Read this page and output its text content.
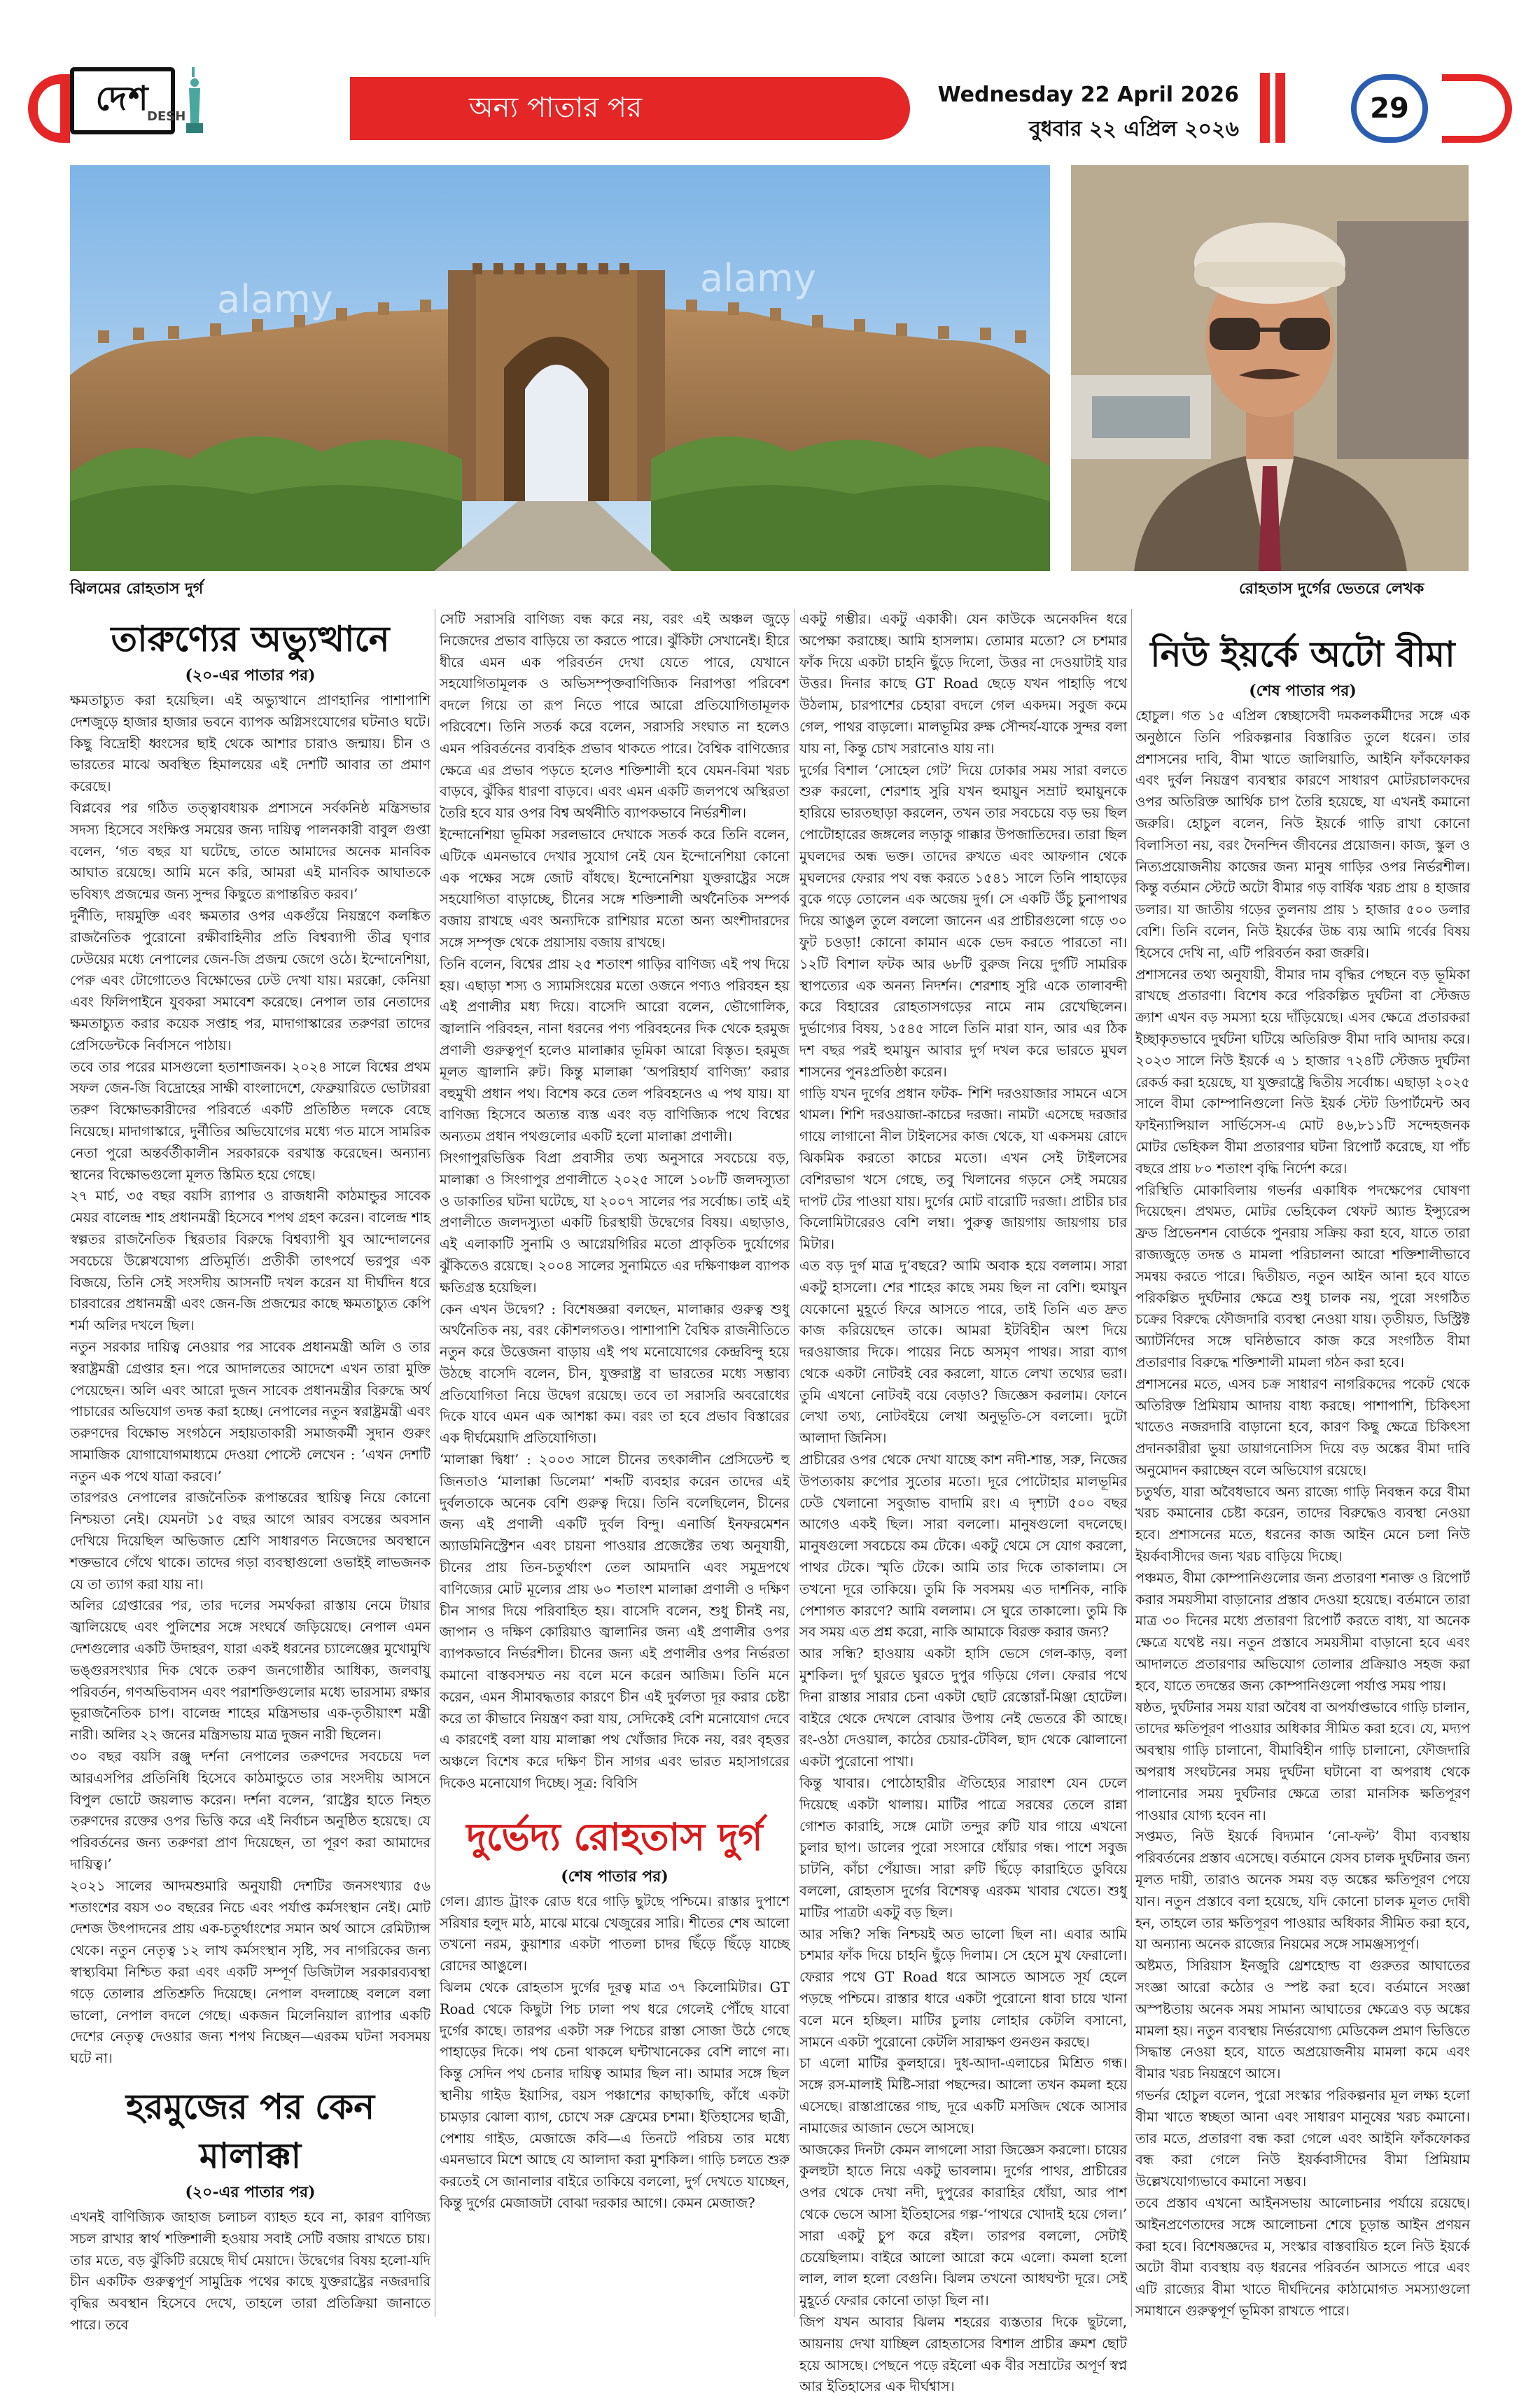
দেশ
DESH	অন্য পাতার পর	Wednesday 22 April 2026
বুধবার ২২ এপ্রিল ২০২৬
29
alamy	alamy
ঝিলমের রোহতাস দুর্গ	রোহতাস দুর্গের ভেতরে লেখক
তারুণ্যের অভ্যুত্থানে
(২০-এর পাতার পর)

ক্ষমতাচ্যুত করা হয়েছিল। এই অভ্যুত্থানে প্রাণহানির পাশাপাশি দেশজুড়ে হাজার হাজার ভবনে ব্যাপক অগ্নিসংযোগের ঘটনাও ঘটে। কিছু বিদ্রোহী ধ্বংসের ছাই থেকে আশার চারাও জন্মায়। চীন ও ভারতের মাঝে অবস্থিত হিমালয়ের এই দেশটি আবার তা প্রমাণ করেছে।

বিপ্লবের পর গঠিত তত্ত্বাবধায়ক প্রশাসনে সর্বকনিষ্ঠ মন্ত্রিসভার সদস্য হিসেবে সংক্ষিপ্ত সময়ের জন্য দায়িত্ব পালনকারী বাবুল গুপ্তা বলেন, ‘গত বছর যা ঘটেছে, তাতে আমাদের অনেক মানবিক আঘাত রয়েছে। আমি মনে করি, আমরা এই মানবিক আঘাতকে ভবিষ্যৎ প্রজন্মের জন্য সুন্দর কিছুতে রূপান্তরিত করব।’

দুর্নীতি, দায়মুক্তি এবং ক্ষমতার ওপর একগুঁয়ে নিয়ন্ত্রণে কলঙ্কিত রাজনৈতিক পুরোনো রক্ষীবাহিনীর প্রতি বিশ্বব্যাপী তীব্র ঘৃণার ঢেউয়ের মধ্যে নেপালের জেন-জি প্রজন্ম জেগে ওঠে। ইন্দোনেশিয়া, পেরু এবং টোগোতেও বিক্ষোভের ঢেউ দেখা যায়। মরক্কো, কেনিয়া এবং ফিলিপাইনে যুবকরা সমাবেশ করেছে। নেপাল তার নেতাদের ক্ষমতাচ্যুত করার কয়েক সপ্তাহ পর, মাদাগাস্কারের তরুণরা তাদের প্রেসিডেন্টকে নির্বাসনে পাঠায়।

তবে তার পরের মাসগুলো হতাশাজনক। ২০২৪ সালে বিশ্বের প্রথম সফল জেন-জি বিদ্রোহের সাক্ষী বাংলাদেশে, ফেব্রুয়ারিতে ভোটাররা তরুণ বিক্ষোভকারীদের পরিবর্তে একটি প্রতিষ্ঠিত দলকে বেছে নিয়েছে। মাদাগাস্কারে, দুর্নীতির অভিযোগের মধ্যে গত মাসে সামরিক নেতা পুরো অন্তর্বর্তীকালীন সরকারকে বরখাস্ত করেছেন। অন্যান্য স্থানের বিক্ষোভগুলো মূলত স্তিমিত হয়ে গেছে।

২৭ মার্চ, ৩৫ বছর বয়সি র‍্যাপার ও রাজধানী কাঠমান্ডুর সাবেক মেয়র বালেন্দ্র শাহ প্রধানমন্ত্রী হিসেবে শপথ গ্রহণ করেন। বালেন্দ্র শাহ স্বল্পতর রাজনৈতিক স্থিরতার বিরুদ্ধে বিশ্বব্যাপী যুব আন্দোলনের সবচেয়ে উল্লেখযোগ্য প্রতিমূর্তি। প্রতীকী তাৎপর্যে ভরপুর এক বিজয়ে, তিনি সেই সংসদীয় আসনটি দখল করেন যা দীর্ঘদিন ধরে চারবারের প্রধানমন্ত্রী এবং জেন-জি প্রজন্মের কাছে ক্ষমতাচ্যুত কেপি শর্মা অলির দখলে ছিল।

নতুন সরকার দায়িত্ব নেওয়ার পর সাবেক প্রধানমন্ত্রী অলি ও তার স্বরাষ্ট্রমন্ত্রী গ্রেপ্তার হন। পরে আদালতের আদেশে এখন তারা মুক্তি পেয়েছেন। অলি এবং আরো দুজন সাবেক প্রধানমন্ত্রীর বিরুদ্ধে অর্থ পাচারের অভিযোগ তদন্ত করা হচ্ছে। নেপালের নতুন স্বরাষ্ট্রমন্ত্রী এবং তরুণদের বিক্ষোভ সংগঠনে সহায়তাকারী সমাজকর্মী সুদান গুরুং সামাজিক যোগাযোগমাধ্যমে দেওয়া পোস্টে লেখেন : ‘এখন দেশটি নতুন এক পথে যাত্রা করবে।’

তারপরও নেপালের রাজনৈতিক রূপান্তরের স্থায়িত্ব নিয়ে কোনো নিশ্চয়তা নেই। যেমনটা ১৫ বছর আগে আরব বসন্তের অবসান দেখিয়ে দিয়েছিল অভিজাত শ্রেণি সাধারণত নিজেদের অবস্থানে শক্তভাবে গেঁথে থাকে। তাদের গড়া ব্যবস্থাগুলো ওভাইই লাভজনক যে তা ত্যাগ করা যায় না।

অলির গ্রেপ্তারের পর, তার দলের সমর্থকরা রাস্তায় নেমে টায়ার জ্বালিয়েছে এবং পুলিশের সঙ্গে সংঘর্ষে জড়িয়েছে। নেপাল এমন দেশগুলোর একটি উদাহরণ, যারা একই ধরনের চ্যালেঞ্জের মুখোমুখি ভঙ্গুরসংখ্যার দিক থেকে তরুণ জনগোষ্ঠীর আধিক্য, জলবায়ু পরিবর্তন, গণঅভিবাসন এবং পরাশক্তিগুলোর মধ্যে ভারসাম্য রক্ষার ভূরাজনৈতিক চাপ। বালেন্দ্র শাহের মন্ত্রিসভার এক-তৃতীয়াংশ মন্ত্রী নারী। অলির ২২ জনের মন্ত্রিসভায় মাত্র দুজন নারী ছিলেন।

৩০ বছর বয়সি রঞ্জু দর্শনা নেপালের তরুণদের সবচেয়ে দল আরএসপির প্রতিনিধি হিসেবে কাঠমান্ডুতে তার সংসদীয় আসনে বিপুল ভোটে জয়লাভ করেন। দর্শনা বলেন, ‘রাষ্ট্রের হাতে নিহত তরুণদের রক্তের ওপর ভিত্তি করে এই নির্বাচন অনুষ্ঠিত হয়েছে। যে পরিবর্তনের জন্য তরুণরা প্রাণ দিয়েছেন, তা পূরণ করা আমাদের দায়িত্ব।’

২০২১ সালের আদমশুমারি অনুযায়ী দেশটির জনসংখ্যার ৫৬ শতাংশের বয়স ৩০ বছরের নিচে এবং পর্যাপ্ত কর্মসংস্থান নেই। মোট দেশজ উৎপাদনের প্রায় এক-চতুর্থাংশের সমান অর্থ আসে রেমিট্যান্স থেকে। নতুন নেতৃত্ব ১২ লাখ কর্মসংস্থান সৃষ্টি, সব নাগরিকের জন্য স্বাস্থ্যবিমা নিশ্চিত করা এবং একটি সম্পূর্ণ ডিজিটাল সরকারব্যবস্থা গড়ে তোলার প্রতিশ্রুতি দিয়েছে। নেপাল বদলাচ্ছে বললে বলা ভালো, নেপাল বদলে গেছে। একজন মিলেনিয়াল র‍্যাপার একটি দেশের নেতৃত্ব দেওয়ার জন্য শপথ নিচ্ছেন—এরকম ঘটনা সবসময় ঘটে না।

হরমুজের পর কেন মালাক্কা
(২০-এর পাতার পর)

এখনই বাণিজ্যিক জাহাজ চলাচল ব্যাহত হবে না, কারণ বাণিজ্য সচল রাখার স্বার্থ শক্তিশালী হওয়ায় সবাই সেটি বজায় রাখতে চায়। তার মতে, বড় ঝুঁকিটি রয়েছে দীর্ঘ মেয়াদে। উদ্বেগের বিষয় হলো-যদি চীন একটিক গুরুত্বপূর্ণ সামুদ্রিক পথের কাছে যুক্তরাষ্ট্রের নজরদারি বৃদ্ধির অবস্থান হিসেবে দেখে, তাহলে তারা প্রতিক্রিয়া জানাতে পারে। তবে

সেটি সরাসরি বাণিজ্য বন্ধ করে নয়, বরং এই অঞ্চল জুড়ে নিজেদের প্রভাব বাড়িয়ে তা করতে পারে। ঝুঁকিটা সেখানেই। হীরে ধীরে এমন এক পরিবর্তন দেখা যেতে পারে, যেখানে সহযোগিতামূলক ও অভিসম্পৃক্তবাণিজ্যিক নিরাপত্তা পরিবেশ বদলে গিয়ে তা রূপ নিতে পারে আরো প্রতিযোগিতামূলক পরিবেশে। তিনি সতর্ক করে বলেন, সরাসরি সংঘাত না হলেও এমন পরিবর্তনের ব্যবহিক প্রভাব থাকতে পারে। বৈশ্বিক বাণিজ্যের ক্ষেত্রে এর প্রভাব পড়তে হলেও শক্তিশালী হবে যেমন-বিমা খরচ বাড়বে, ঝুঁকির ধারণা বাড়বে। এবং এমন একটি জলপথে অস্থিরতা তৈরি হবে যার ওপর বিশ্ব অর্থনীতি ব্যাপকভাবে নির্ভরশীল।

ইন্দোনেশিয়া ভূমিকা সরলভাবে দেখাকে সতর্ক করে তিনি বলেন, এটিকে এমনভাবে দেখার সুযোগ নেই যেন ইন্দোনেশিয়া কোনো এক পক্ষের সঙ্গে জোট বাঁধছে। ইন্দোনেশিয়া যুক্তরাষ্ট্রের সঙ্গে সহযোগিতা বাড়াচ্ছে, চীনের সঙ্গে শক্তিশালী অর্থনৈতিক সম্পর্ক বজায় রাখছে এবং অন্যদিকে রাশিয়ার মতো অন্য অংশীদারদের সঙ্গে সম্পৃক্ত থেকে প্রয়াসায় বজায় রাখছে।

তিনি বলেন, বিশ্বের প্রায় ২৫ শতাংশ গাড়ির বাণিজ্য এই পথ দিয়ে হয়। এছাড়া শস্য ও স্যামসিংয়ের মতো ওজনে পণ্যও পরিবহন হয় এই প্রণালীর মধ্য দিয়ে। বাসেদি আরো বলেন, ভৌগোলিক, জ্বালানি পরিবহন, নানা ধরনের পণ্য পরিবহনের দিক থেকে হরমুজ প্রণালী গুরুত্বপূর্ণ হলেও মালাক্কার ভূমিকা আরো বিস্তৃত। হরমুজ মূলত জ্বালানি রুট। কিন্তু মালাক্কা ‘অপরিহার্য বাণিজ্য’ করার বহুমুখী প্রধান পথ। বিশেষ করে তেল পরিবহনেও এ পথ যায়। যা বাণিজ্য হিসেবে অত্যন্ত ব্যস্ত এবং বড় বাণিজ্যিক পথে বিশ্বের অন্যতম প্রধান পথগুলোর একটি হলো মালাক্কা প্রণালী।

সিংগাপুরভিত্তিক বিপ্রা প্রবাসীর তথ্য অনুসারে সবচেয়ে বড়, মালাক্কা ও সিংগাপুর প্রণালীতে ২০২৫ সালে ১০৮টি জলদস্যুতা ও ডাকাতির ঘটনা ঘটেছে, যা ২০০৭ সালের পর সর্বোচ্চ। তাই এই প্রণালীতে জলদস্যুতা একটি চিরস্থায়ী উদ্বেগের বিষয়। এছাড়াও, এই এলাকাটি সুনামি ও আগ্নেয়গিরির মতো প্রাকৃতিক দুর্যোগের ঝুঁকিতেও রয়েছে। ২০০৪ সালের সুনামিতে এর দক্ষিণাঞ্চল ব্যাপক ক্ষতিগ্রস্ত হয়েছিল।

কেন এখন উদ্বেগ? : বিশেষজ্ঞরা বলছেন, মালাক্কার গুরুত্ব শুধু অর্থনৈতিক নয়, বরং কৌশলগতও। পাশাপাশি বৈশ্বিক রাজনীতিতে নতুন করে উত্তেজনা বাড়ায় এই পথ মনোযোগের কেন্দ্রবিন্দু হয়ে উঠছে বাসেদি বলেন, চীন, যুক্তরাষ্ট্র বা ভারতের মধ্যে সম্ভাব্য প্রতিযোগিতা নিয়ে উদ্বেগ রয়েছে। তবে তা সরাসরি অবরোধের দিকে যাবে এমন এক আশঙ্কা কম। বরং তা হবে প্রভাব বিস্তারের এক দীর্ঘমেয়াদি প্রতিযোগিতা।

‘মালাক্কা দ্বিধা’ : ২০০৩ সালে চীনের তৎকালীন প্রেসিডেন্ট হু জিনতাও ‘মালাক্কা ডিলেমা’ শব্দটি ব্যবহার করেন তাদের এই দুর্বলতাকে অনেক বেশি গুরুত্ব দিয়ে। তিনি বলেছিলেন, চীনের জন্য এই প্রণালী একটি দুর্বল বিন্দু। এনার্জি ইনফরমেশন অ্যাডমিনিস্ট্রেশন এবং চায়না পাওয়ার প্রজেক্টের তথ্য অনুযায়ী, চীনের প্রায় তিন-চতুর্থাংশ তেল আমদানি এবং সমুদ্রপথে বাণিজ্যের মোট মূল্যের প্রায় ৬০ শতাংশ মালাক্কা প্রণালী ও দক্ষিণ চীন সাগর দিয়ে পরিবাহিত হয়। বাসেদি বলেন, শুধু চীনই নয়, জাপান ও দক্ষিণ কোরিয়াও জ্বালানির জন্য এই প্রণালীর ওপর ব্যাপকভাবে নির্ভরশীল। চীনের জন্য এই প্রণালীর ওপর নির্ভরতা কমানো বাস্তবসম্মত নয় বলে মনে করেন আজিম। তিনি মনে করেন, এমন সীমাবদ্ধতার কারণে চীন এই দুর্বলতা দূর করার চেষ্টা করে তা কীভাবে নিয়ন্ত্রণ করা যায়, সেদিকেই বেশি মনোযোগ দেবে এ কারণেই বলা যায় মালাক্কা পথ খোঁজার দিকে নয়, বরং বৃহত্তর অঞ্চলে বিশেষ করে দক্ষিণ চীন সাগর এবং ভারত মহাসাগরের দিকেও মনোযোগ দিচ্ছে। সূত্র: বিবিসি

দুর্ভেদ্য রোহতাস দুর্গ
(শেষ পাতার পর)

গেল। গ্র্যান্ড ট্রাংক রোড ধরে গাড়ি ছুটছে পশ্চিমে। রাস্তার দুপাশে সরিষার হলুদ মাঠ, মাঝে মাঝে খেজুরের সারি। শীতের শেষ আলো তখনো নরম, কুয়াশার একটা পাতলা চাদর ছিঁড়ে ছিঁড়ে যাচ্ছে রোদের আঙুলে।

ঝিলম থেকে রোহতাস দুর্গের দূরত্ব মাত্র ৩৭ কিলোমিটার। GT Road থেকে কিছুটা পিচ ঢালা পথ ধরে গেলেই পৌঁছে যাবো দুর্গের কাছে। তারপর একটা সরু পিচের রাস্তা সোজা উঠে গেছে পাহাড়ের দিকে। পথ চেনা থাকলে ঘন্টাখানেকের বেশি লাগে না। কিন্তু সেদিন পথ চেনার দায়িত্ব আমার ছিল না। আমার সঙ্গে ছিল স্থানীয় গাইড ইয়াসির, বয়স পঞ্চাশের কাছাকাছি, কাঁধে একটা চামড়ার ঝোলা ব্যাগ, চোখে সরু ফ্রেমের চশমা। ইতিহাসের ছাত্রী, পেশায় গাইড, মেজাজে কবি—এ তিনটে পরিচয় তার মধ্যে এমনভাবে মিশে আছে যে আলাদা করা মুশকিল। গাড়ি চলতে শুরু করতেই সে জানালার বাইরে তাকিয়ে বললো, দুর্গ দেখতে যাচ্ছেন, কিন্তু দুর্গের মেজাজটা বোঝা দরকার আগে। কেমন মেজাজ?

একটু গম্ভীর। একটু একাকী। যেন কাউকে অনেকদিন ধরে অপেক্ষা করাচ্ছে। আমি হাসলাম। তোমার মতো? সে চশমার ফাঁক দিয়ে একটা চাহনি ছুঁড়ে দিলো, উত্তর না দেওয়াটাই যার উত্তর। দিনার কাছে GT Road ছেড়ে যখন পাহাড়ি পথে উঠলাম, চারপাশের চেহারা বদলে গেল একদম। সবুজ কমে গেল, পাথর বাড়লো। মালভূমির রুক্ষ সৌন্দর্য-যাকে সুন্দর বলা যায় না, কিন্তু চোখ সরানোও যায় না।

দুর্গের বিশাল ‘সোহেল গেট’ দিয়ে ঢোকার সময় সারা বলতে শুরু করলো, শেরশাহ সুরি যখন হুমায়ুন সম্রাট হুমায়ুনকে হারিয়ে ভারতছাড়া করলেন, তখন তার সবচেয়ে বড় ভয় ছিল পোটোহারের জঙ্গলের লড়াকু গাক্কার উপজাতিদের। তারা ছিল মুঘলদের অন্ধ ভক্ত। তাদের রুখতে এবং আফগান থেকে মুঘলদের ফেরার পথ বন্ধ করতে ১৫৪১ সালে তিনি পাহাড়ের বুকে গড়ে তোলেন এক অজেয় দুর্গ। সে একটি উঁচু চুনাপাথর দিয়ে আঙুল তুলে বললো জানেন এর প্রাচীরগুলো গড়ে ৩০ ফুট চওড়া! কোনো কামান একে ভেদ করতে পারতো না। ১২টি বিশাল ফটক আর ৬৮টি বুরুজ নিয়ে দুর্গটি সামরিক স্থাপত্যের এক অনন্য নিদর্শন। শেরশাহ সুরি একে তালাবন্দী করে বিহারের রোহতাসগড়ের নামে নাম রেখেছিলেন। দুর্ভাগ্যের বিষয়, ১৫৪৫ সালে তিনি মারা যান, আর এর ঠিক দশ বছর পরই হুমায়ুন আবার দুর্গ দখল করে ভারতে মুঘল শাসনের পুনঃপ্রতিষ্ঠা করেন।

গাড়ি যখন দুর্গের প্রধান ফটক- শিশি দরওয়াজার সামনে এসে থামল। শিশি দরওয়াজা-কাচের দরজা। নামটা এসেছে দরজার গায়ে লাগানো নীল টাইলসের কাজ থেকে, যা একসময় রোদে ঝিকমিক করতো কাচের মতো। এখন সেই টাইলসের বেশিরভাগ খসে গেছে, তবু খিলানের গড়নে সেই সময়ের দাপট টের পাওয়া যায়। দুর্গের মোট বারোটি দরজা। প্রাচীর চার কিলোমিটারেরও বেশি লম্বা। পুরুত্ব জায়গায় জায়গায় চার মিটার।

এত বড় দুর্গ মাত্র দু’বছরে? আমি অবাক হয়ে বললাম। সারা একটু হাসলো। শের শাহের কাছে সময় ছিল না বেশি। হুমায়ুন যেকোনো মুহূর্তে ফিরে আসতে পারে, তাই তিনি এত দ্রুত কাজ করিয়েছেন তাকে। আমরা ইটবিহীন অংশ দিয়ে দরওয়াজার দিকে। পায়ের নিচে অসমৃণ পাথর। সারা ব্যাগ থেকে একটা নোটবই বের করলো, যাতে লেখা তথ্যের ভরা। তুমি এখনো নোটবই বয়ে বেড়াও? জিজ্ঞেস করলাম। ফোনে লেখা তথ্য, নোটবইয়ে লেখা অনুভূতি-সে বললো। দুটো আলাদা জিনিস।

প্রাচীরের ওপর থেকে দেখা যাচ্ছে কাশ নদী-শান্ত, সরু, নিজের উপত্যকায় রুপোর সুতোর মতো। দূরে পোটোহার মালভূমির ঢেউ খেলানো সবুজাভ বাদামি রং। এ দৃশ্যটা ৫০০ বছর আগেও একই ছিল। সারা বললো। মানুষগুলো বদলেছে। মানুষগুলো সবচেয়ে কম টেকে। একটু থেমে সে যোগ করলো, পাথর টেকে। স্মৃতি টেকে। আমি তার দিকে তাকালাম। সে তখনো দূরে তাকিয়ে। তুমি কি সবসময় এত দার্শনিক, নাকি পেশাগত কারণে? আমি বললাম। সে ঘুরে তাকালো। তুমি কি সব সময় এত প্রশ্ন করো, নাকি আমাকে বিরক্ত করার জন্য?

আর সন্ধি? হাওয়ায় একটা হাসি ভেসে গেল-কাড়, বলা মুশকিল। দুর্গ ঘুরতে ঘুরতে দুপুর গড়িয়ে গেল। ফেরার পথে দিনা রাস্তার সারার চেনা একটা ছোট রেস্তোরাঁ-মিঞ্জা হোটেল। বাইরে থেকে দেখলে বোঝার উপায় নেই ভেতরে কী আছে। রং-ওঠা দেওয়াল, কাঠের চেয়ার-টেবিল, ছাদ থেকে ঝোলানো একটা পুরোনো পাখা।

কিন্তু খাবার। পোঠোহারীর ঐতিহ্যের সারাংশ যেন ঢেলে দিয়েছে একটা থালায়। মাটির পাত্রে সরষের তেলে রান্না গোশত কারাহি, সঙ্গে মোটা তন্দুর রুটি যার গায়ে এখনো চুলার ছাপ। ডালের পুরো সংসারে ধোঁয়ার গন্ধ। পাশে সবুজ চাটনি, কাঁচা পেঁয়াজ। সারা রুটি ছিঁড়ে কারাহিতে ডুবিয়ে বললো, রোহতাস দুর্গের বিশেষত্ব এরকম খাবার খেতে। শুধু মাটির পাত্রটা একটু বড় ছিল।

আর সন্ধি? সন্ধি নিশ্চয়ই অত ভালো ছিল না। এবার আমি চশমার ফাঁক দিয়ে চাহনি ছুঁড়ে দিলাম। সে হেসে মুখ ফেরালো। ফেরার পথে GT Road ধরে আসতে আসতে সূর্য হেলে পড়ছে পশ্চিমে। রাস্তার ধারে একটা পুরোনো ধাবা চায়ে খানা বলে মনে হচ্ছিল। মাটির চুলায় লোহার কেটলি বসানো, সামনে একটা পুরোনো কেটলি সারাক্ষণ গুনগুন করছে।

চা এলো মাটির কুলহারে। দুধ-আদা-এলাচের মিশ্রিত গন্ধ। সঙ্গে রস-মালাই মিষ্টি-সারা পছন্দের। আলো তখন কমলা হয়ে এসেছে। রাস্তাপ্রান্তের গাছ, দূরে একটি মসজিদ থেকে আসার নামাজের আজান ভেসে আসছে।

আজকের দিনটা কেমন লাগলো সারা জিজ্ঞেস করলো। চায়ের কুলহুটা হাতে নিয়ে একটু ভাবলাম। দুর্গের পাথর, প্রাচীরের ওপর থেকে দেখা নদী, দুপুরের কারাহির ধোঁয়া, আর পাশ থেকে ভেসে আসা ইতিহাসের গল্প-‘পাথরে খোদাই হয়ে গেল।’ সারা একটু চুপ করে রইল। তারপর বললো, সেটাই চেয়েছিলাম। বাইরে আলো আরো কমে এলো। কমলা হলো লাল, লাল হলো বেগুনি। ঝিলম তখনো আধঘণ্টা দূরে। সেই মুহূর্তে ফেরার কোনো তাড়া ছিল না।

জিপ যখন আবার ঝিলম শহরের ব্যস্ততার দিকে ছুটলো, আয়নায় দেখা যাচ্ছিল রোহতাসের বিশাল প্রাচীর ক্রমশ ছোট হয়ে আসছে। পেছনে পড়ে রইলো এক বীর সম্রাটের অপূর্ণ স্বপ্ন আর ইতিহাসের এক দীর্ঘশ্বাস।

নিউ ইয়র্কে অটো বীমা
(শেষ পাতার পর)

হোচুল। গত ১৫ এপ্রিল স্বেচ্ছাসেবী দমকলকর্মীদের সঙ্গে এক অনুষ্ঠানে তিনি পরিকল্পনার বিস্তারিত তুলে ধরেন। তার প্রশাসনের দাবি, বীমা খাতে জালিয়াতি, আইনি ফাঁকফোকর এবং দুর্বল নিয়ন্ত্রণ ব্যবস্থার কারণে সাধারণ মোটরচালকদের ওপর অতিরিক্ত আর্থিক চাপ তৈরি হয়েছে, যা এখনই কমানো জরুরি। হোচুল বলেন, নিউ ইয়র্কে গাড়ি রাখা কোনো বিলাসিতা নয়, বরং দৈনন্দিন জীবনের প্রয়োজন। কাজ, স্কুল ও নিত্যপ্রয়োজনীয় কাজের জন্য মানুষ গাড়ির ওপর নির্ভরশীল। কিন্তু বর্তমান স্টেটে অটো বীমার গড় বার্ষিক খরচ প্রায় ৪ হাজার ডলার। যা জাতীয় গড়ের তুলনায় প্রায় ১ হাজার ৫০০ ডলার বেশি। তিনি বলেন, নিউ ইয়র্কের উচ্চ ব্যয় আমি গর্বের বিষয় হিসেবে দেখি না, এটি পরিবর্তন করা জরুরি।

প্রশাসনের তথ্য অনুযায়ী, বীমার দাম বৃদ্ধির পেছনে বড় ভূমিকা রাখছে প্রতারণা। বিশেষ করে পরিকল্পিত দুর্ঘটনা বা স্টেজড ক্র্যাশ এখন বড় সমস্যা হয়ে দাঁড়িয়েছে। এসব ক্ষেত্রে প্রতারকরা ইচ্ছাকৃতভাবে দুর্ঘটনা ঘটিয়ে অতিরিক্ত বীমা দাবি আদায় করে। ২০২৩ সালে নিউ ইয়র্কে এ ১ হাজার ৭২৪টি স্টেজড দুর্ঘটনা রেকর্ড করা হয়েছে, যা যুক্তরাষ্ট্রে দ্বিতীয় সর্বোচ্চ। এছাড়া ২০২৫ সালে বীমা কোম্পানিগুলো নিউ ইয়র্ক স্টেট ডিপার্টমেন্ট অব ফাইন্যান্সিয়াল সার্ভিসেস-এ মোট ৪৬,৮১১টি সন্দেহজনক মোটর ভেহিকল বীমা প্রতারণার ঘটনা রিপোর্ট করেছে, যা পাঁচ বছরে প্রায় ৮০ শতাংশ বৃদ্ধি নির্দেশ করে।

পরিস্থিতি মোকাবিলায় গভর্নর একাধিক পদক্ষেপের ঘোষণা দিয়েছেন। প্রথমত, মোটর ভেহিকেল থেফট অ্যান্ড ইন্স্যুরেন্স ফ্রড প্রিভেনশন বোর্ডকে পুনরায় সক্রিয় করা হবে, যাতে তারা রাজ্যজুড়ে তদন্ত ও মামলা পরিচালনা আরো শক্তিশালীভাবে সমন্বয় করতে পারে। দ্বিতীয়ত, নতুন আইন আনা হবে যাতে পরিকল্পিত দুর্ঘটনার ক্ষেত্রে শুধু চালক নয়, পুরো সংগঠিত চক্রের বিরুদ্ধে ফৌজদারি ব্যবস্থা নেওয়া যায়। তৃতীয়ত, ডিস্ট্রিক্ট অ্যাটর্নিদের সঙ্গে ঘনিষ্ঠভাবে কাজ করে সংগঠিত বীমা প্রতারণার বিরুদ্ধে শক্তিশালী মামলা গঠন করা হবে।

প্রশাসনের মতে, এসব চক্র সাধারণ নাগরিকদের পকেট থেকে অতিরিক্ত প্রিমিয়াম আদায় বাধ্য করছে। পাশাপাশি, চিকিৎসা খাতেও নজরদারি বাড়ানো হবে, কারণ কিছু ক্ষেত্রে চিকিৎসা প্রদানকারীরা ভুয়া ডায়াগনোসিস দিয়ে বড় অঙ্কের বীমা দাবি অনুমোদন করাচ্ছেন বলে অভিযোগ রয়েছে।

চতুর্থত, যারা অবৈধভাবে অন্য রাজ্যে গাড়ি নিবন্ধন করে বীমা খরচ কমানোর চেষ্টা করেন, তাদের বিরুদ্ধেও ব্যবস্থা নেওয়া হবে। প্রশাসনের মতে, ধরনের কাজ আইন মেনে চলা নিউ ইয়র্কবাসীদের জন্য খরচ বাড়িয়ে দিচ্ছে।

পঞ্চমত, বীমা কোম্পানিগুলোর জন্য প্রতারণা শনাক্ত ও রিপোর্ট করার সময়সীমা বাড়ানোর প্রস্তাব দেওয়া হয়েছে। বর্তমানে তারা মাত্র ৩০ দিনের মধ্যে প্রতারণা রিপোর্ট করতে বাধ্য, যা অনেক ক্ষেত্রে যথেষ্ট নয়। নতুন প্রস্তাবে সময়সীমা বাড়ানো হবে এবং আদালতে প্রতারণার অভিযোগ তোলার প্রক্রিয়াও সহজ করা হবে, যাতে তদন্তের জন্য কোম্পানিগুলো পর্যাপ্ত সময় পায়।

ষষ্ঠত, দুর্ঘটনার সময় যারা অবৈধ বা অপর্যাপ্তভাবে গাড়ি চালান, তাদের ক্ষতিপূরণ পাওয়ার অধিকার সীমিত করা হবে। যে, মদ্যপ অবস্থায় গাড়ি চালানো, বীমাবিহীন গাড়ি চালানো, ফৌজদারি অপরাধ সংঘটনের সময় দুর্ঘটনা ঘটানো বা অপরাধ থেকে পালানোর সময় দুর্ঘটনার ক্ষেত্রে তারা মানসিক ক্ষতিপূরণ পাওয়ার যোগ্য হবেন না।

সপ্তমত, নিউ ইয়র্কে বিদ্যমান ‘নো-ফল্ট’ বীমা ব্যবস্থায় পরিবর্তনের প্রস্তাব এসেছে। বর্তমানে যেসব চালক দুর্ঘটনার জন্য মূলত দায়ী, তারাও অনেক সময় বড় অঙ্কের ক্ষতিপূরণ পেয়ে যান। নতুন প্রস্তাবে বলা হয়েছে, যদি কোনো চালক মূলত দোষী হন, তাহলে তার ক্ষতিপূরণ পাওয়ার অধিকার সীমিত করা হবে, যা অন্যান্য অনেক রাজ্যের নিয়মের সঙ্গে সামঞ্জস্যপূর্ণ।

অষ্টমত, সিরিয়াস ইনজুরি থ্রেশহোল্ড বা গুরুতর আঘাতের সংজ্ঞা আরো কঠোর ও স্পষ্ট করা হবে। বর্তমানে সংজ্ঞা অস্পষ্টতায় অনেক সময় সামান্য আঘাতের ক্ষেত্রেও বড় অঙ্কের মামলা হয়। নতুন ব্যবস্থায় নির্ভরযোগ্য মেডিকেল প্রমাণ ভিত্তিতে সিদ্ধান্ত নেওয়া হবে, যাতে অপ্রয়োজনীয় মামলা কমে এবং বীমার খরচ নিয়ন্ত্রণে আসে।

গভর্নর হোচুল বলেন, পুরো সংস্কার পরিকল্পনার মূল লক্ষ্য হলো বীমা খাতে স্বচ্ছতা আনা এবং সাধারণ মানুষের খরচ কমানো। তার মতে, প্রতারণা বন্ধ করা গেলে এবং আইনি ফাঁকফোকর বন্ধ করা গেলে নিউ ইয়র্কবাসীদের বীমা প্রিমিয়াম উল্লেখযোগ্যভাবে কমানো সম্ভব।

তবে প্রস্তাব এখনো আইনসভায় আলোচনার পর্যায়ে রয়েছে। আইনপ্রণেতাদের সঙ্গে আলোচনা শেষে চূড়ান্ত আইন প্রণয়ন করা হবে। বিশেষজ্ঞদের ম, সংস্কার বাস্তবায়িত হলে নিউ ইয়র্কে অটো বীমা ব্যবস্থায় বড় ধরনের পরিবর্তন আসতে পারে এবং এটি রাজ্যের বীমা খাতে দীর্ঘদিনের কাঠামোগত সমস্যাগুলো সমাধানে গুরুত্বপূর্ণ ভূমিকা রাখতে পারে।
